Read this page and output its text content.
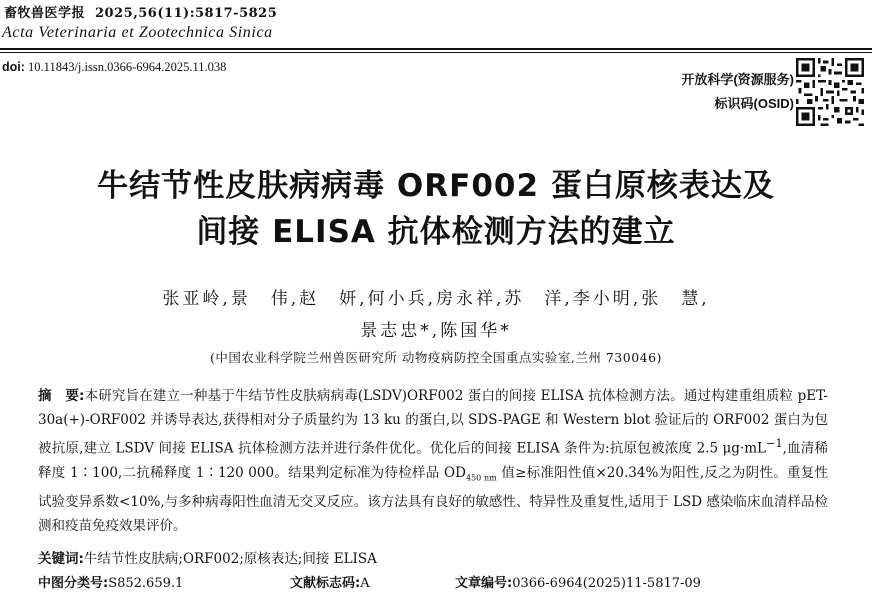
畜牧兽医学报 2025,56(11):5817-5825
Acta Veterinaria et Zootechnica Sinica
doi: 10.11843/j.issn.0366-6964.2025.11.038
开放科学(资源服务)
标识码(OSID)
牛结节性皮肤病病毒 ORF002 蛋白原核表达及
间接 ELISA 抗体检测方法的建立
张亚岭,景　伟,赵　妍,何小兵,房永祥,苏　洋,李小明,张　慧,
景志忠*,陈国华*
(中国农业科学院兰州兽医研究所 动物疫病防控全国重点实验室,兰州 730046)
摘　要:本研究旨在建立一种基于牛结节性皮肤病病毒(LSDV)ORF002 蛋白的间接 ELISA 抗体检测方法。通过构建重组质粒 pET-30a(+)-ORF002 并诱导表达,获得相对分子质量约为 13 ku 的蛋白,以 SDS-PAGE 和 Western blot 验证后的 ORF002 蛋白为包被抗原,建立 LSDV 间接 ELISA 抗体检测方法并进行条件优化。优化后的间接 ELISA 条件为:抗原包被浓度 2.5 $\mu g\cdot mL^{-1}$,血清稀释度 1∶100,二抗稀释度 1∶120 000。结果判定标准为待检样品 $OD_{450 nm}$ 值≥标准阳性值×20.34%为阳性,反之为阴性。重复性试验变异系数<10%,与多种病毒阳性血清无交叉反应。该方法具有良好的敏感性、特异性及重复性,适用于 LSD 感染临床血清样品检测和疫苗免疫效果评价。
关键词:牛结节性皮肤病;ORF002;原核表达;间接 ELISA
中图分类号:S852.659.1	文献标志码:A	文章编号:0366-6964(2025)11-5817-09
